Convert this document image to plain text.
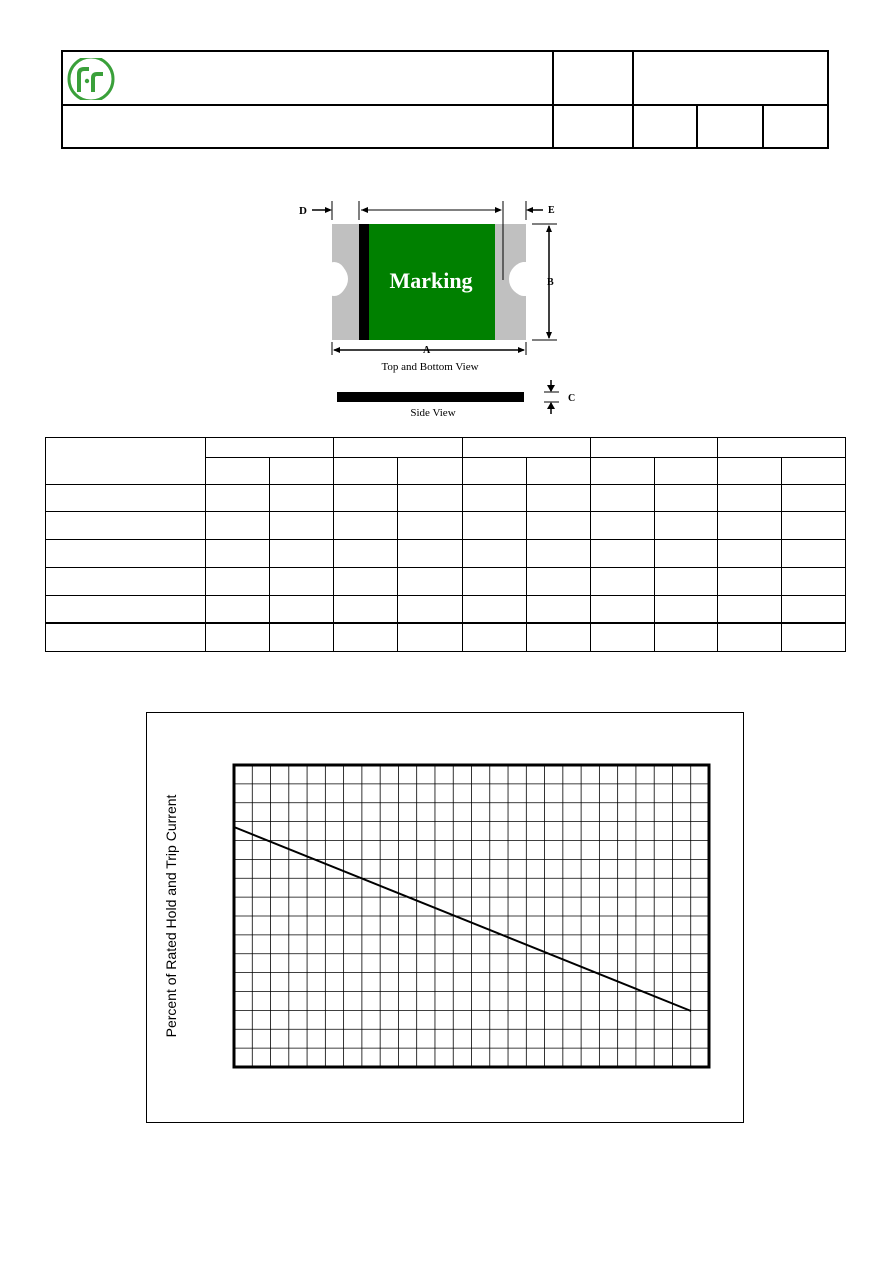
Marking
D	E
B
A
Top and Bottom View
Side View
C

Percent of Rated Hold and Trip Current
